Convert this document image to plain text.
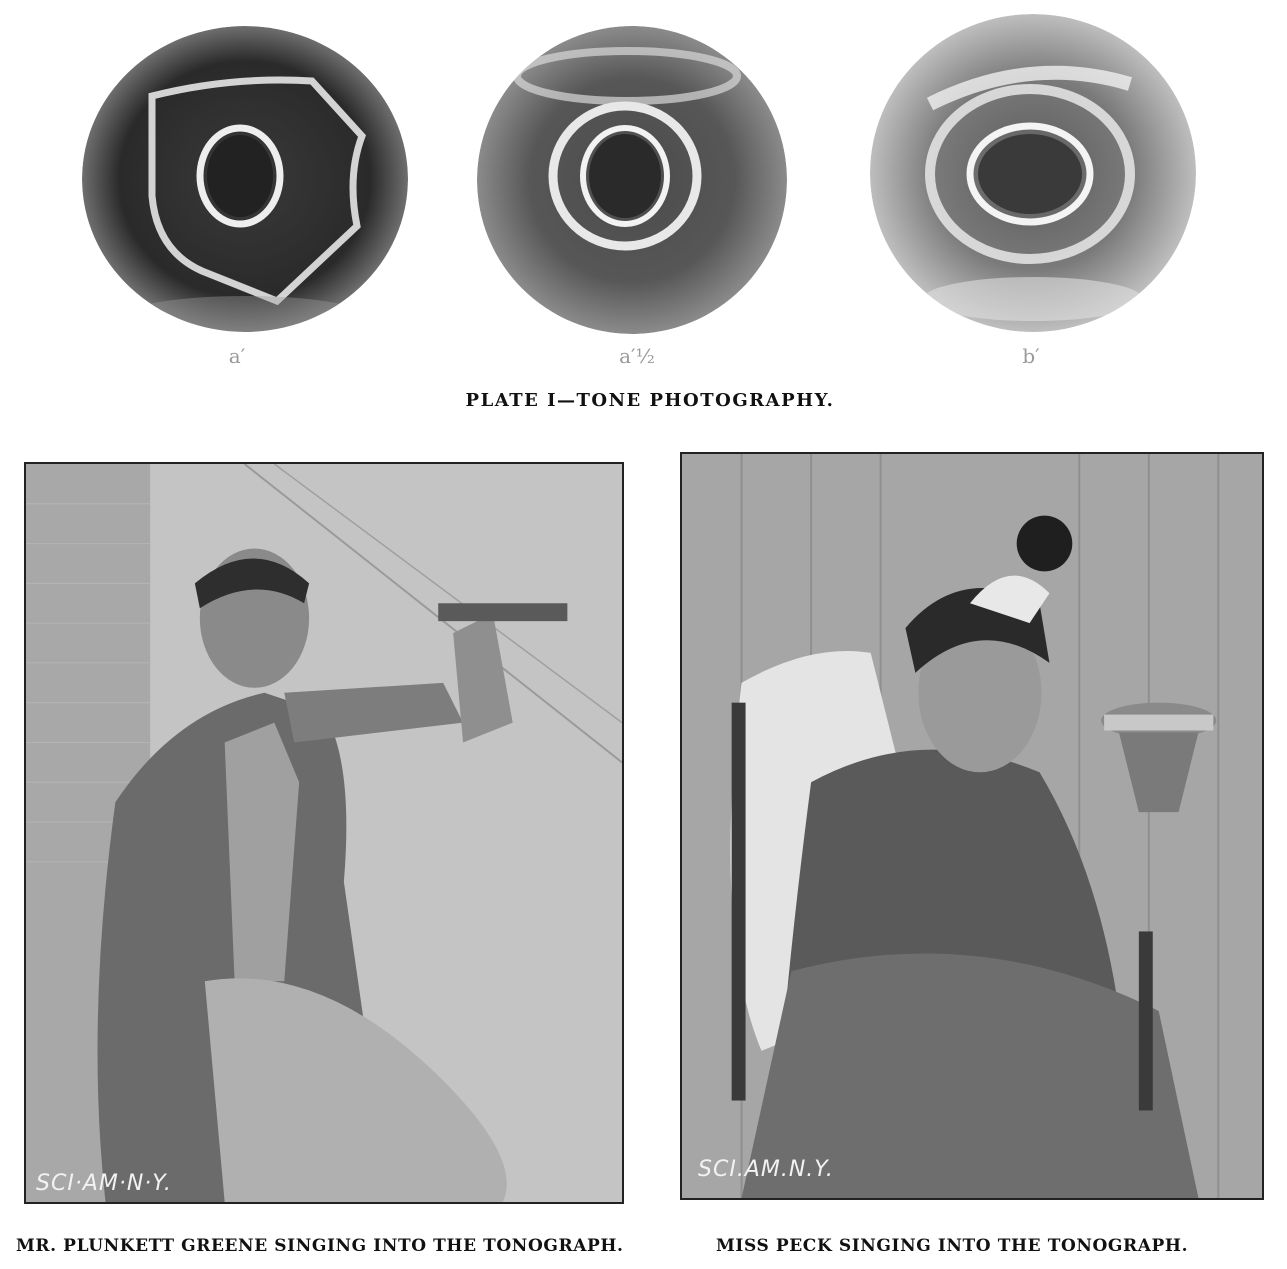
a′	a′½	b′
PLATE I—TONE PHOTOGRAPHY.
SCI·AM·N·Y.
SCI.AM.N.Y.
MR. PLUNKETT GREENE SINGING INTO THE TONOGRAPH.	MISS PECK SINGING INTO THE TONOGRAPH.
